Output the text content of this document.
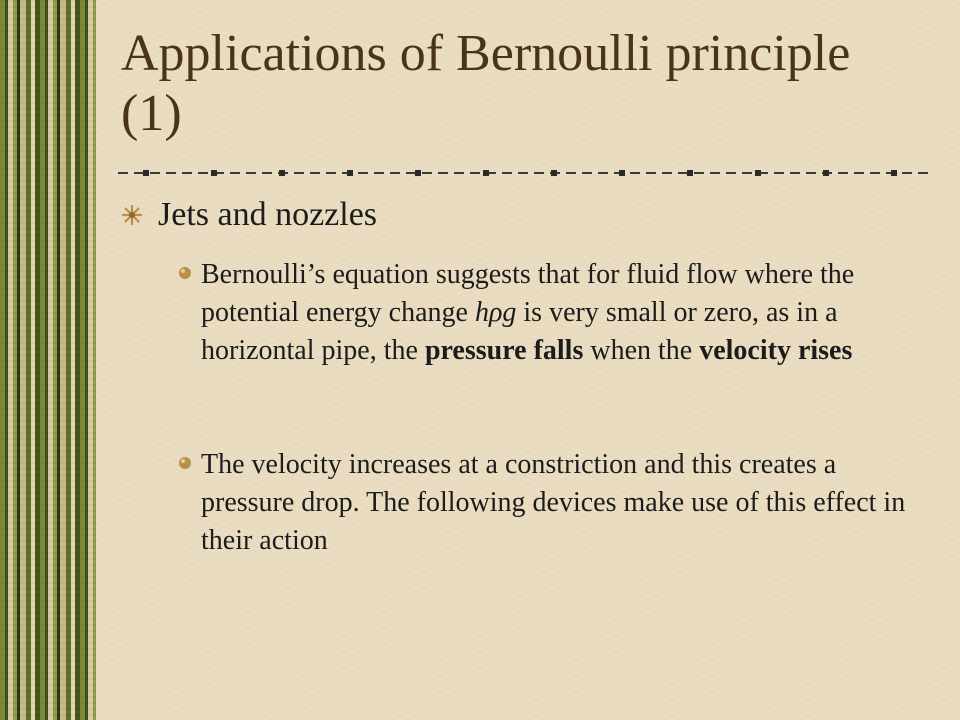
Applications of Bernoulli principle (1)
Jets and nozzles
Bernoulli’s equation suggests that for fluid flow where the potential energy change hρg is very small or zero, as in a horizontal pipe, the pressure falls when the velocity rises
The velocity increases at a constriction and this creates a pressure drop. The following devices make use of this effect in their action
